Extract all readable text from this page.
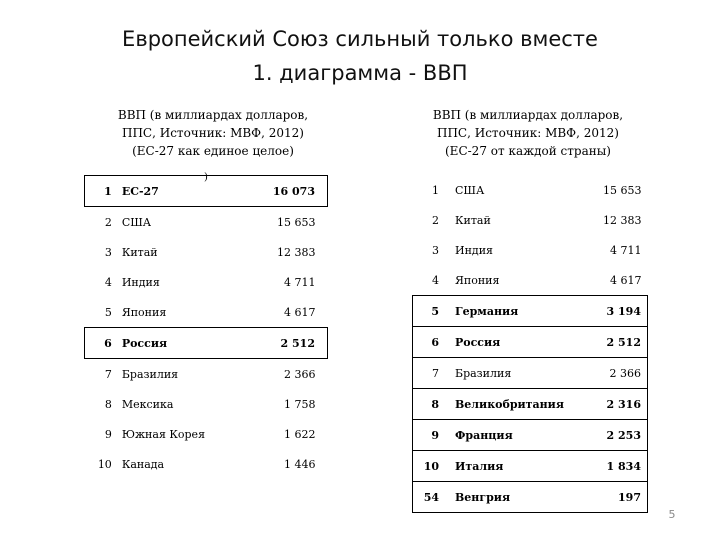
Европейский Союз сильный только вместе
1. диаграмма - ВВП
ВВП (в миллиардах долларов,
ППС, Источник: МВФ, 2012)
(ЕС-27 как единое целое)
ВВП (в миллиардах долларов,
ППС, Источник: МВФ, 2012)
(ЕС-27 от каждой страны)
)
1	ЕС-27	16 073
2	США	15 653
3	Китай	12 383
4	Индия	4 711
5	Япония	4 617
6	Россия	2 512
7	Бразилия	2 366
8	Мексика	1 758
9	Южная Корея	1 622
10	Канада	1 446
1	США	15 653
2	Китай	12 383
3	Индия	4 711
4	Япония	4 617
5	Германия	3 194
6	Россия	2 512
7	Бразилия	2 366
8	Великобритания	2 316
9	Франция	2 253
10	Италия	1 834
54	Венгрия	197
5
